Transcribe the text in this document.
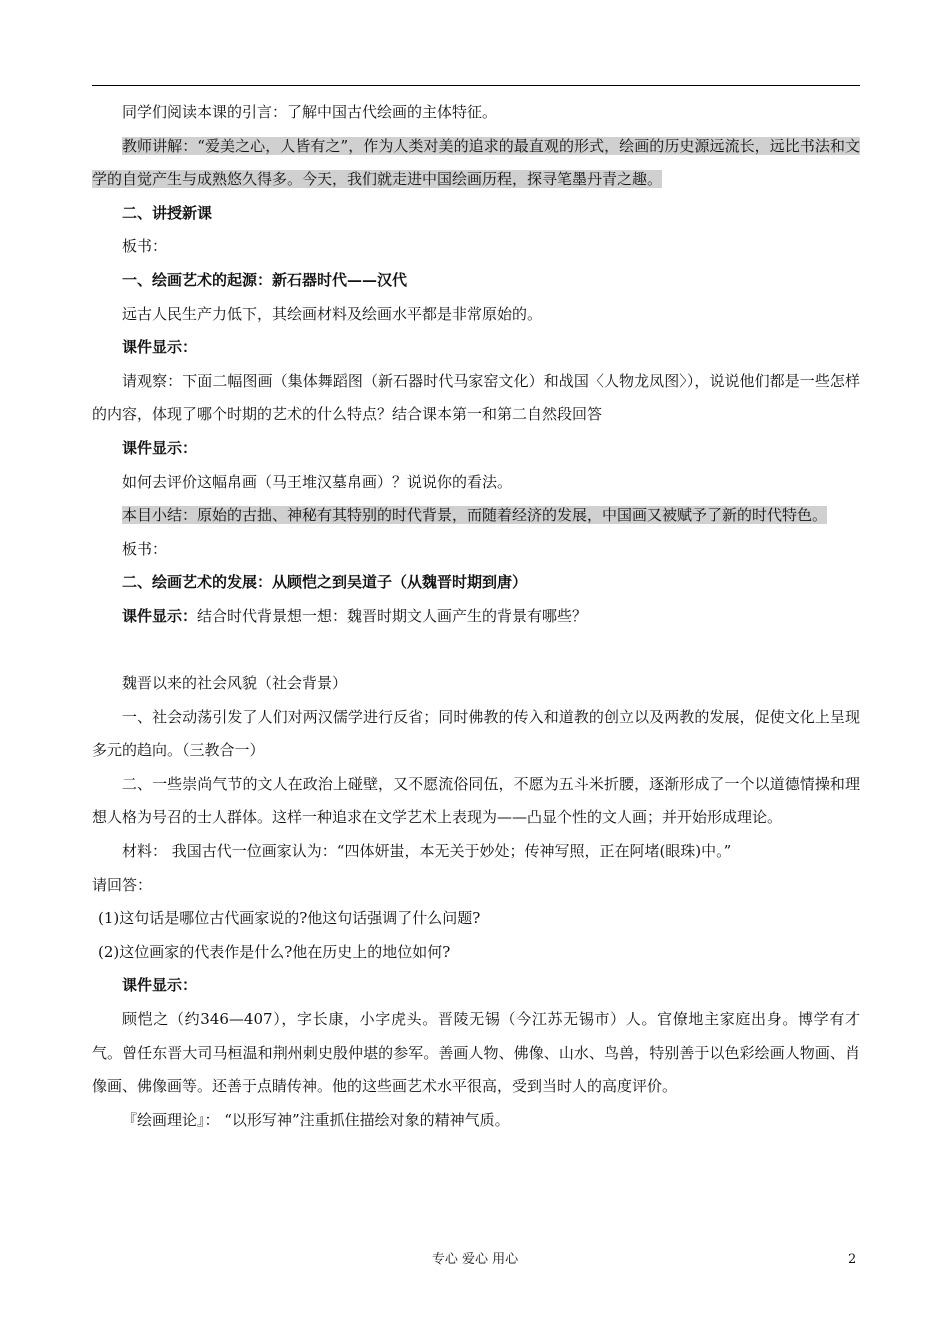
同学们阅读本课的引言：了解中国古代绘画的主体特征。
教师讲解：“爱美之心，人皆有之”，作为人类对美的追求的最直观的形式，绘画的历史源远流长，远比书法和文学的自觉产生与成熟悠久得多。今天，我们就走进中国绘画历程，探寻笔墨丹青之趣。
二、讲授新课
板书：
一、绘画艺术的起源：新石器时代——汉代
远古人民生产力低下，其绘画材料及绘画水平都是非常原始的。
课件显示：
请观察：下面二幅图画（集体舞蹈图（新石器时代马家窑文化）和战国〈人物龙凤图〉），说说他们都是一些怎样的内容，体现了哪个时期的艺术的什么特点？结合课本第一和第二自然段回答
课件显示：
如何去评价这幅帛画（马王堆汉墓帛画）？说说你的看法。
本目小结：原始的古拙、神秘有其特别的时代背景，而随着经济的发展，中国画又被赋予了新的时代特色。
板书：
二、绘画艺术的发展：从顾恺之到吴道子（从魏晋时期到唐）
课件显示：结合时代背景想一想：魏晋时期文人画产生的背景有哪些？
魏晋以来的社会风貌（社会背景）
一、社会动荡引发了人们对两汉儒学进行反省；同时佛教的传入和道教的创立以及两教的发展，促使文化上呈现多元的趋向。（三教合一）
二、一些崇尚气节的文人在政治上碰壁，又不愿流俗同伍，不愿为五斗米折腰，逐渐形成了一个以道德情操和理想人格为号召的士人群体。这样一种追求在文学艺术上表现为——凸显个性的文人画；并开始形成理论。
材料： 我国古代一位画家认为：“四体妍蚩，本无关于妙处；传神写照，正在阿堵(眼珠)中。”
请回答：
(1)这句话是哪位古代画家说的?他这句话强调了什么问题?
(2)这位画家的代表作是什么?他在历史上的地位如何?
课件显示：
顾恺之（约346—407），字长康，小字虎头。晋陵无锡（今江苏无锡市）人。官僚地主家庭出身。博学有才气。曾任东晋大司马桓温和荆州刺史殷仲堪的参军。善画人物、佛像、山水、鸟兽，特别善于以色彩绘画人物画、肖像画、佛像画等。还善于点睛传神。他的这些画艺术水平很高，受到当时人的高度评价。
『绘画理论』： “以形写神”注重抓住描绘对象的精神气质。
专心 爱心 用心	2
